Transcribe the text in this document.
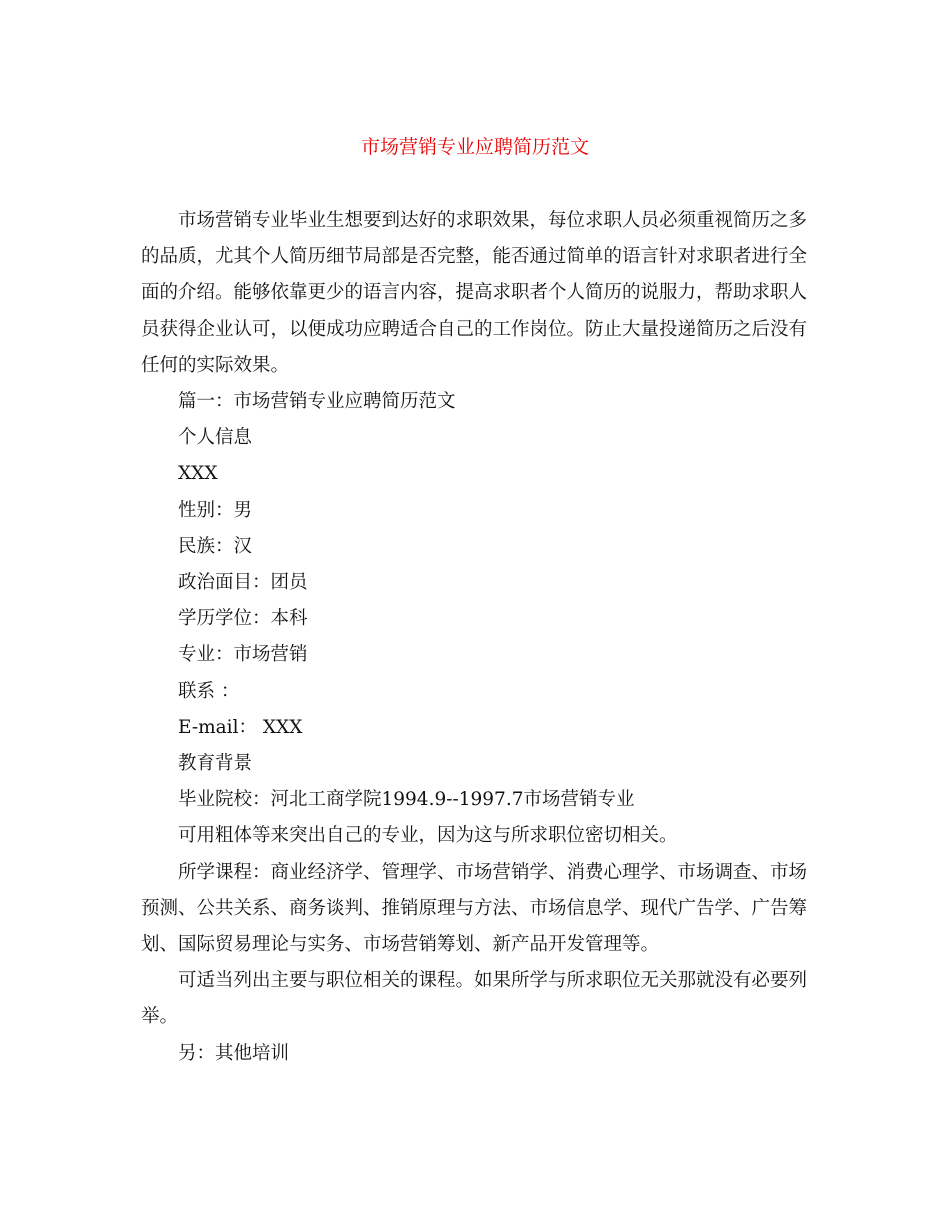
市场营销专业应聘简历范文

市场营销专业毕业生想要到达好的求职效果，每位求职人员必须重视简历之多的品质，尤其个人简历细节局部是否完整，能否通过简单的语言针对求职者进行全面的介绍。能够依靠更少的语言内容，提高求职者个人简历的说服力，帮助求职人员获得企业认可，以便成功应聘适合自己的工作岗位。防止大量投递简历之后没有任何的实际效果。

篇一：市场营销专业应聘简历范文

个人信息

XXX

性别：男

民族：汉

政治面目：团员

学历学位：本科

专业：市场营销

联系 ：

E-mail： XXX

教育背景

毕业院校：河北工商学院1994.9--1997.7市场营销专业

可用粗体等来突出自己的专业，因为这与所求职位密切相关。

所学课程：商业经济学、管理学、市场营销学、消费心理学、市场调查、市场预测、公共关系、商务谈判、推销原理与方法、市场信息学、现代广告学、广告筹划、国际贸易理论与实务、市场营销筹划、新产品开发管理等。

可适当列出主要与职位相关的课程。如果所学与所求职位无关那就没有必要列举。

另：其他培训
